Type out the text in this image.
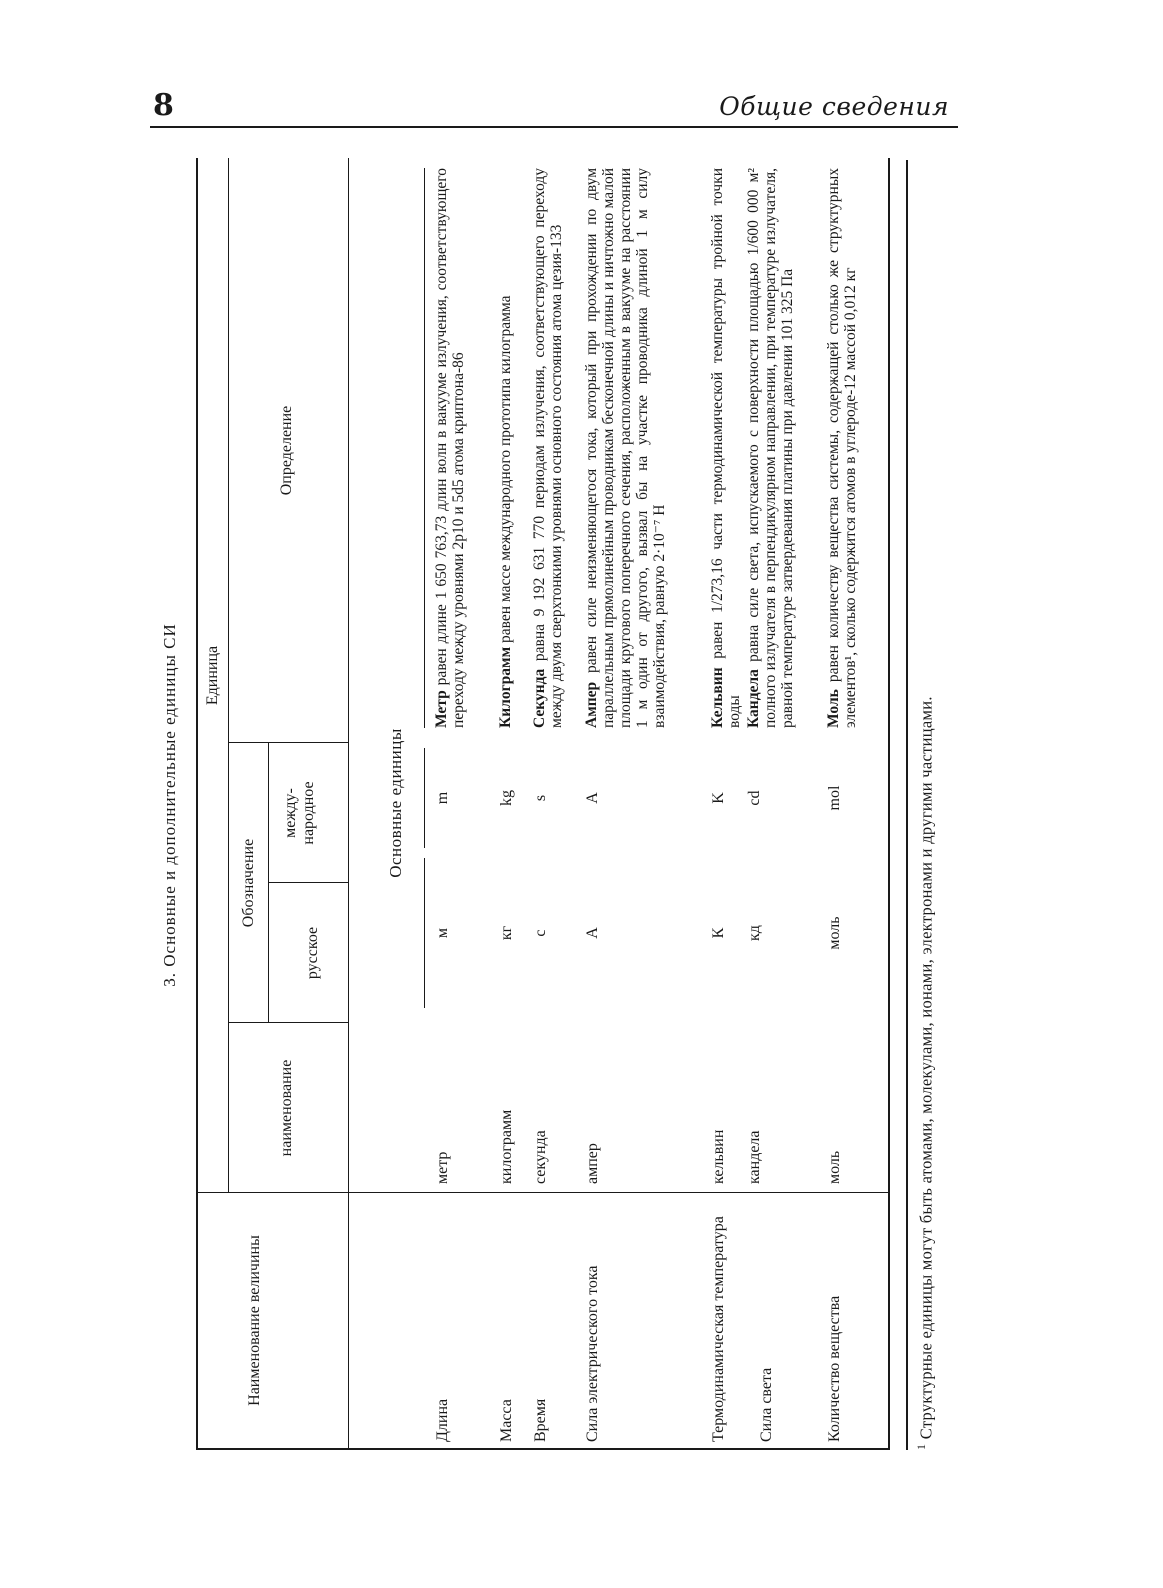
8	Общие сведения
3. Основные и дополнительные единицы СИ
Наименование величины
Единица
наименование
Обозначение
русское
между-народное
Определение
Основные единицы
Длина
метр
м
m
Метр равен длине 1 650 763,73 длин волн в вакууме излучения, соответствующего переходу между уровнями 2p10 и 5d5 атома криптона-86
Масса
килограмм
кг
kg
Килограмм равен массе международного прототипа килограмма
Время
секунда
с
s
Секунда равна 9 192 631 770 периодам излучения, соответствующего переходу между двумя сверхтонкими уровнями основного состояния атома цезия-133
Сила электрического тока
ампер
А
A
Ампер равен силе неизменяющегося тока, который при прохождении по двум параллельным прямолинейным проводникам бесконечной длины и ничтожно малой площади кругового поперечного сечения, расположенным в вакууме на расстоянии 1 м один от другого, вызвал бы на участке проводника длиной 1 м силу взаимодействия, равную 2·10⁻⁷ Н
Термодинамическая температура
кельвин
К
K
Кельвин равен 1/273,16 части термодинамической температуры тройной точки воды
Сила света
кандела
кд
cd
Кандела равна силе света, испускаемого с поверхности площадью 1/600 000 м² полного излучателя в перпендикулярном направлении, при температуре излучателя, равной температуре затвердевания платины при давлении 101 325 Па
Количество вещества
моль
моль
mol
Моль равен количеству вещества системы, содержащей столько же структурных элементов¹, сколько содержится атомов в углероде-12 массой 0,012 кг
$^1$ Структурные единицы могут быть атомами, молекулами, ионами, электронами и другими частицами.
